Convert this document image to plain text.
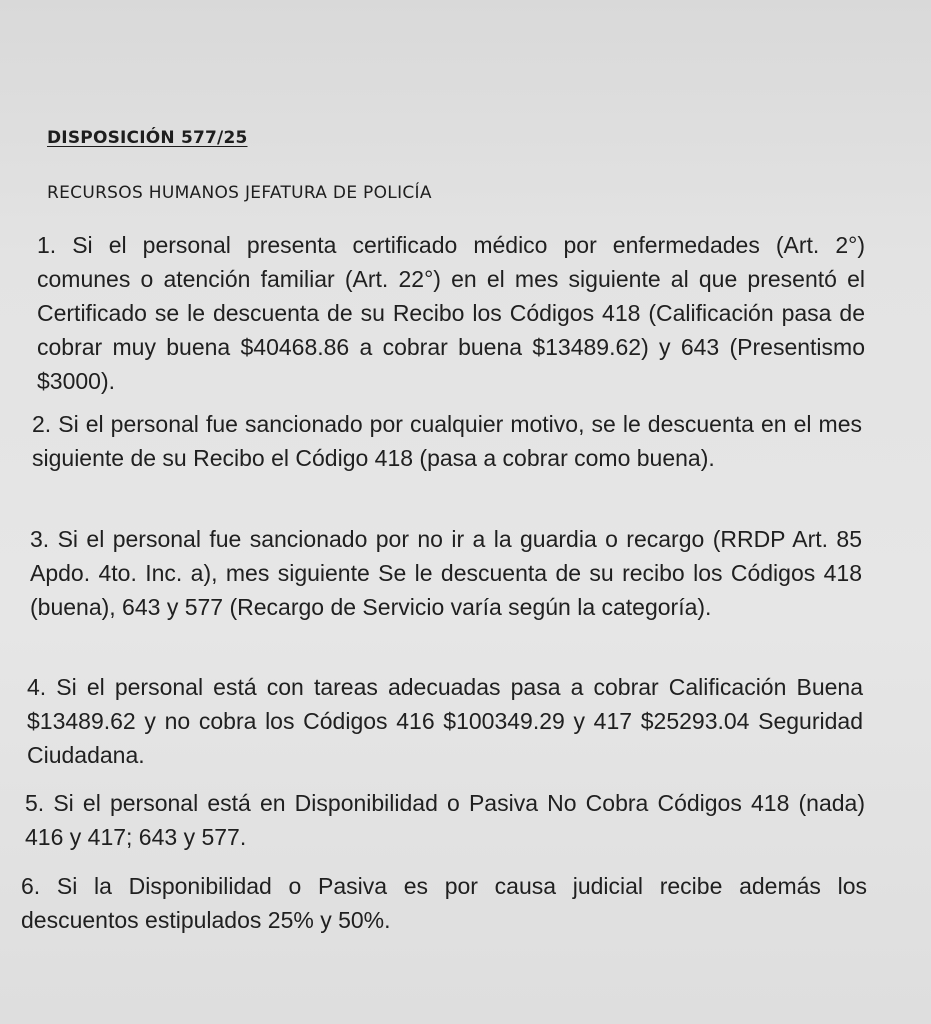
DISPOSICIÓN 577/25
RECURSOS HUMANOS JEFATURA DE POLICÍA
1. Si el personal presenta certificado médico por enfermedades (Art. 2°) comunes o atención familiar (Art. 22°) en el mes siguiente al que presentó el Certificado se le descuenta de su Recibo los Códigos 418 (Calificación pasa de cobrar muy buena $40468.86 a cobrar buena $13489.62) y 643 (Presentismo $3000).
2. Si el personal fue sancionado por cualquier motivo, se le descuenta en el mes siguiente de su Recibo el Código 418 (pasa a cobrar como buena).
3. Si el personal fue sancionado por no ir a la guardia o recargo (RRDP Art. 85 Apdo. 4to. Inc. a), mes siguiente Se le descuenta de su recibo los Códigos 418 (buena), 643 y 577 (Recargo de Servicio varía según la categoría).
4. Si el personal está con tareas adecuadas pasa a cobrar Calificación Buena $13489.62 y no cobra los Códigos 416 $100349.29 y 417 $25293.04 Seguridad Ciudadana.
5. Si el personal está en Disponibilidad o Pasiva No Cobra Códigos 418 (nada) 416 y 417; 643 y 577.
6. Si la Disponibilidad o Pasiva es por causa judicial recibe además los descuentos estipulados 25% y 50%.
